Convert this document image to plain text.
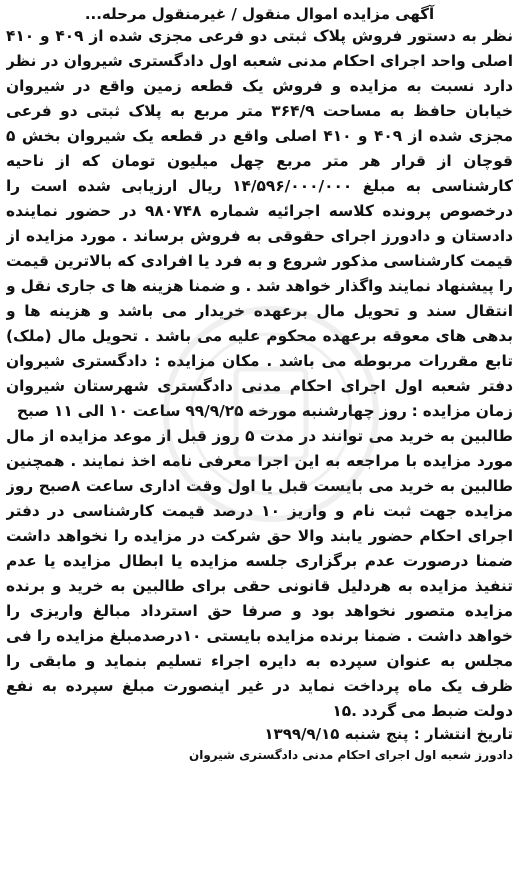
آگهی مزایده اموال منقول / غیرمنقول مرحله...

نظر به دستور فروش پلاک ثبتی دو فرعی مجزی شده از ۴۰۹ و ۴۱۰ اصلی واحد اجرای احکام مدنی شعبه اول دادگستری شیروان در نظر دارد نسبت به مزایده و فروش یک قطعه زمین واقع در شیروان خیابان حافظ به مساحت ۳۶۴/۹ متر مربع به پلاک ثبتی دو فرعی مجزی شده از ۴۰۹ و ۴۱۰ اصلی واقع در قطعه یک شیروان بخش ۵ قوچان از قرار هر متر مربع چهل میلیون تومان که از ناحیه کارشناسی به مبلغ ۱۴/۵۹۶/۰۰۰/۰۰۰ ریال ارزیابی شده است را درخصوص پرونده کلاسه اجرائیه شماره ۹۸۰۷۴۸ در حضور نماینده دادستان و دادورز اجرای حقوقی به فروش برساند . مورد مزایده از قیمت کارشناسی مذکور شروع و به فرد یا افرادی که بالاترین قیمت را پیشنهاد نمایند واگذار خواهد شد . و ضمنا هزینه ها ی جاری نقل و انتقال سند و تحویل مال برعهده خریدار می باشد و هزینه ها و بدهی های معوقه برعهده محکوم علیه می باشد . تحویل مال (ملک) تابع مقررات مربوطه می باشد . مکان مزایده : دادگستری شیروان دفتر شعبه اول اجرای احکام مدنی دادگستری شهرستان شیروان زمان مزایده : روز چهارشنبه مورخه ۹۹/۹/۲۵ ساعت ۱۰ الی ۱۱ صبح

طالبین به خرید می توانند در مدت ۵ روز قبل از موعد مزایده از مال مورد مزایده با مراجعه به این اجرا معرفی نامه اخذ نمایند . همچنین طالبین به خرید می بایست قبل یا اول وقت اداری ساعت ۸صبح روز مزایده جهت ثبت نام و واریز ۱۰ درصد قیمت کارشناسی در دفتر اجرای احکام حضور یابند والا حق شرکت در مزایده را نخواهد داشت ضمنا درصورت عدم برگزاری جلسه مزایده یا ابطال مزایده یا عدم تنفیذ مزایده به هردلیل قانونی حقی برای طالبین به خرید و برنده مزایده متصور نخواهد بود و صرفا حق استرداد مبالغ واریزی را خواهد داشت . ضمنا برنده مزایده بایستی ۱۰درصدمبلغ مزایده را فی مجلس به عنوان سپرده به دایره اجراء تسلیم بنماید و مابقی را ظرف یک ماه پرداخت نماید در غیر اینصورت مبلغ سپرده به نفع دولت ضبط می گردد .۱۵

تاریخ انتشار : پنج شنبه ۱۳۹۹/۹/۱۵

دادورز شعبه اول اجرای احکام مدنی دادگستری شیروان
